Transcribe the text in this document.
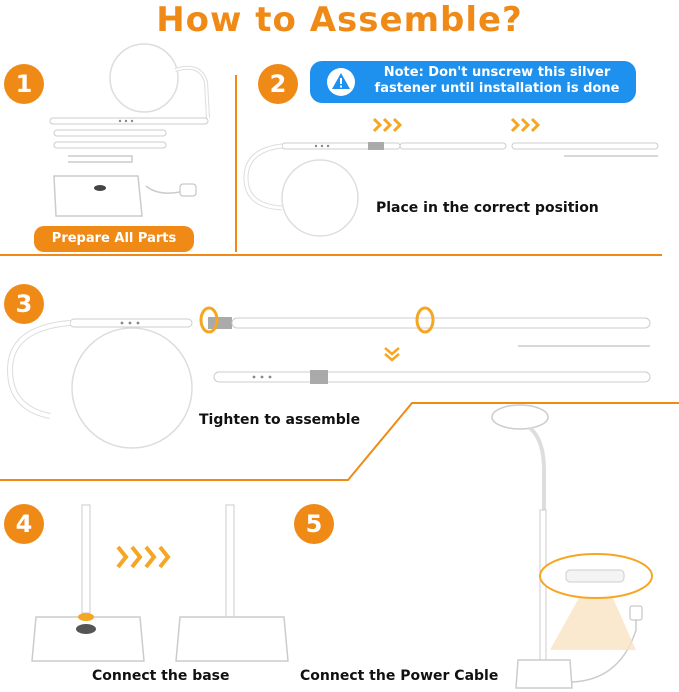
How to Assemble?
1
Prepare All Parts
2	Note: Don't unscrew this silver fastener until installation is done
Place in the correct position
3
Tighten to assemble
4
Connect the base
5
Connect the Power Cable
